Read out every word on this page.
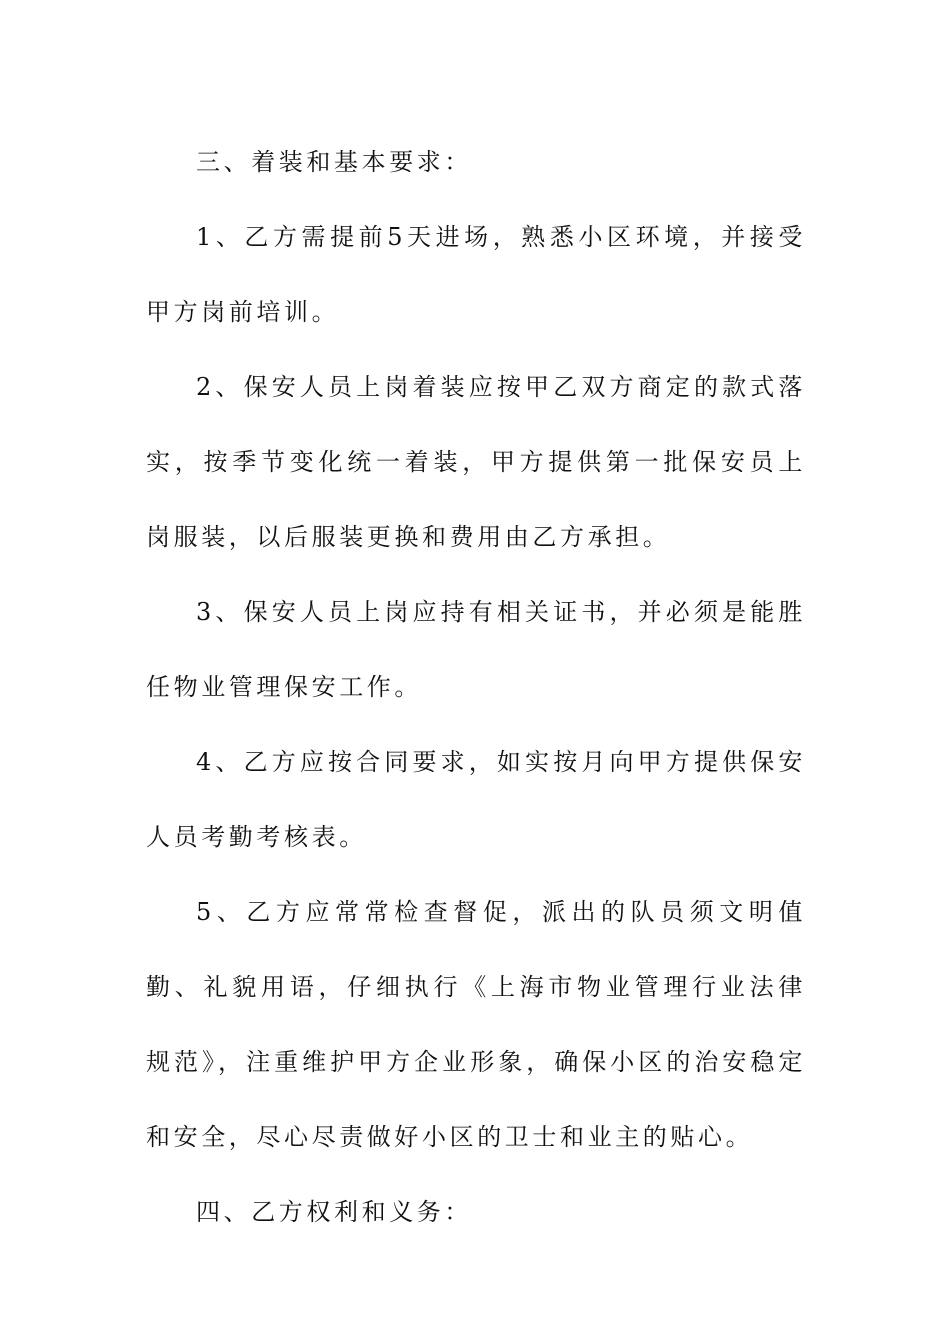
三、着装和基本要求：

1、乙方需提前5天进场，熟悉小区环境，并接受甲方岗前培训。

2、保安人员上岗着装应按甲乙双方商定的款式落实，按季节变化统一着装，甲方提供第一批保安员上岗服装，以后服装更换和费用由乙方承担。

3、保安人员上岗应持有相关证书，并必须是能胜任物业管理保安工作。

4、乙方应按合同要求，如实按月向甲方提供保安人员考勤考核表。

5、乙方应常常检查督促，派出的队员须文明值勤、礼貌用语，仔细执行《上海市物业管理行业法律规范》，注重维护甲方企业形象，确保小区的治安稳定和安全，尽心尽责做好小区的卫士和业主的贴心。

四、乙方权利和义务：
